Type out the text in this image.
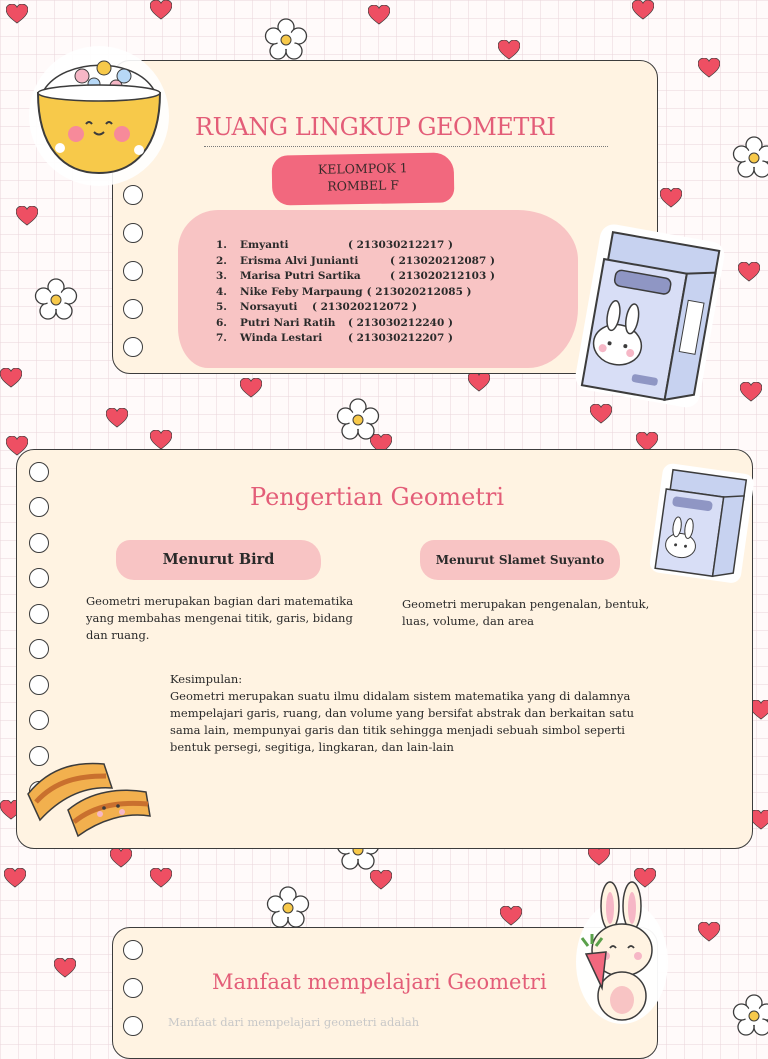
RUANG LINGKUP GEOMETRI
KELOMPOK 1
ROMBEL F
1. Emyanti	( 213030212217 )
2. Erisma Alvi Junianti	( 213020212087 )
3. Marisa Putri Sartika	( 213020212103 )
4. Nike Feby Marpaung ( 213020212085 )
5. Norsayuti ( 213020212072 )
6. Putri Nari Ratih ( 213030212240 )
7. Winda Lestari ( 213030212207 )
Pengertian Geometri
Menurut Bird	Menurut Slamet Suyanto
Geometri merupakan bagian dari matematika yang membahas mengenai titik, garis, bidang dan ruang.
Geometri merupakan pengenalan, bentuk, luas, volume, dan area
Kesimpulan:
Geometri merupakan suatu ilmu didalam sistem matematika yang di dalamnya mempelajari garis, ruang, dan volume yang bersifat abstrak dan berkaitan satu sama lain, mempunyai garis dan titik sehingga menjadi sebuah simbol seperti bentuk persegi, segitiga, lingkaran, dan lain-lain
Manfaat mempelajari Geometri
Manfaat dari mempelajari geometri adalah
